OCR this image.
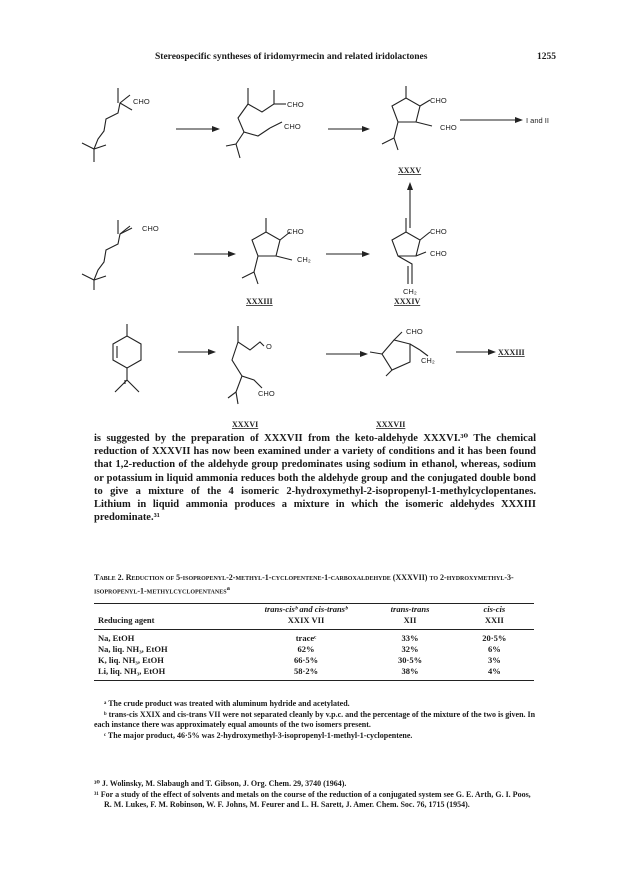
Stereospecific syntheses of iridomyrmecin and related iridolactones	1255
CHO	CHO
CHO
CHO
CHO
I and II
XXXV
CHO	CHO
CH₂
XXXIII
CHO
CHO
CH₂
XXXIV
O
CHO
CHO
CH₂
XXXIII
XXXVI	XXXVII
is suggested by the preparation of XXXVII from the keto-aldehyde XXXVI.³⁰ The chemical reduction of XXXVII has now been examined under a variety of conditions and it has been found that 1,2-reduction of the aldehyde group predominates using sodium in ethanol, whereas, sodium or potassium in liquid ammonia reduces both the aldehyde group and the conjugated double bond to give a mixture of the 4 isomeric 2-hydroxymethyl-2-isopropenyl-1-methylcyclopentanes. Lithium in liquid ammonia produces a mixture in which the isomeric aldehydes XXXIII predominate.³¹
Table 2. Reduction of 5-isopropenyl-2-methyl-1-cyclopentene-1-carboxaldehyde (XXXVII) to 2-hydroxymethyl-3-isopropenyl-1-methylcyclopentanes$^a$
	trans-cisᵇ and cis-transᵇ	trans-trans	cis-cis
Reducing agent	XXIX VII	XII	XXII
Na, EtOH	traceᶜ	33%	20·5%
Na, liq. NH₃, EtOH	62%	32%	6%
K, liq. NH₃, EtOH	66·5%	30·5%	3%
Li, liq. NH₃, EtOH	58·2%	38%	4%

ᵃ The crude product was treated with aluminum hydride and acetylated.

ᵇ trans-cis XXIX and cis-trans VII were not separated cleanly by v.p.c. and the percentage of the mixture of the two is given. In each instance there was approximately equal amounts of the two isomers present.

ᶜ The major product, 46·5% was 2-hydroxymethyl-3-isopropenyl-1-methyl-1-cyclopentene.

³⁰ J. Wolinsky, M. Slabaugh and T. Gibson, J. Org. Chem. 29, 3740 (1964).

³¹ For a study of the effect of solvents and metals on the course of the reduction of a conjugated system see G. E. Arth, G. I. Poos, R. M. Lukes, F. M. Robinson, W. F. Johns, M. Feurer and L. H. Sarett, J. Amer. Chem. Soc. 76, 1715 (1954).
